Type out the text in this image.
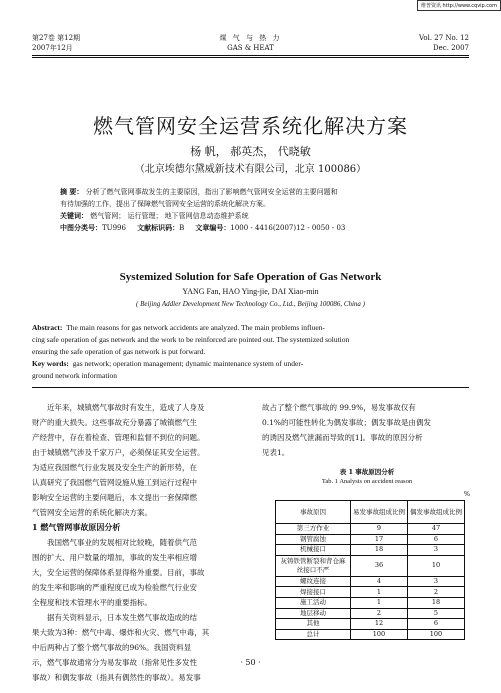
维普资讯 http://www.cqvip.com
第27卷 第12期
2007年12月
煤 气 与 热 力
GAS & HEAT
Vol. 27 No. 12
Dec. 2007
燃气管网安全运营系统化解决方案
杨 帆， 郝英杰， 代晓敏
（北京埃德尔黛威新技术有限公司，北京 100086）
摘 要： 分析了燃气管网事故发生的主要原因，指出了影响燃气管网安全运营的主要问题和
有待加强的工作，提出了保障燃气管网安全运营的系统化解决方案。
关键词： 燃气管网； 运行管理； 地下管网信息动态维护系统
中图分类号：TU996 文献标识码：B 文章编号：1000 - 4416(2007)12 - 0050 - 03
Systemized Solution for Safe Operation of Gas Network
YANG Fan, HAO Ying-jie, DAI Xiao-min
( Beijing Addler Development New Technology Co., Ltd., Beijing 100086, China )
Abstract: The main reasons for gas network accidents are analyzed. The main problems influen-
cing safe operation of gas network and the work to be reinforced are pointed out. The systemized solution
ensuring the safe operation of gas network is put forward.
Key words: gas network; operation management; dynamic maintenance system of under-
ground network information
近年来，城镇燃气事故时有发生，造成了人身及
财产的重大损失。这些事故充分暴露了城镇燃气生
产经营中，存在着检查、管理和监督不到位的问题。
由于城镇燃气涉及千家万户，必须保证其安全运营。
为适应我国燃气行业发展及安全生产的新形势，在
认真研究了我国燃气管网设施从施工到运行过程中
影响安全运营的主要问题后，本文提出一套保障燃
气管网安全运营的系统化解决方案。
1 燃气管网事故原因分析
我国燃气事业的发展相对比较晚，随着供气范
围的扩大、用户数量的增加，事故的发生率相应增
大，安全运营的保障体系显得格外重要。目前，事故
的发生率和影响的严重程度已成为检验燃气行业安
全程度和技术管理水平的重要指标。
据有关资料显示，日本发生燃气事故造成的结
果大致为3种：燃气中毒、爆炸和火灾、燃气中毒，其
中后两种占了整个燃气事故的96%。我国资料显
示，燃气事故通常分为易发事故（指常见性多发性
事故）和偶发事故（指具有偶然性的事故）。易发事
故占了整个燃气事故的 99.9%，易发事故仅有
0.1%的可能性转化为偶发事故；偶发事故是由偶发
的诱因及燃气泄漏而导致的[1]。事故的原因分析
见表1。
表 1 事故原因分析
Tab. 1 Analysis on accident reason
%
事故原因	易发事故组成比例	偶发事故组成比例
第三方作业	9	47
钢管腐蚀	17	6
机械接口	18	3
灰铸铁管断裂和背仓麻丝接口不严	36	10
螺纹连接	4	3
焊接接口	1	2
施工活动	1	18
地层移动	2	5
其他	12	6
总计	100	100
· 50 ·
